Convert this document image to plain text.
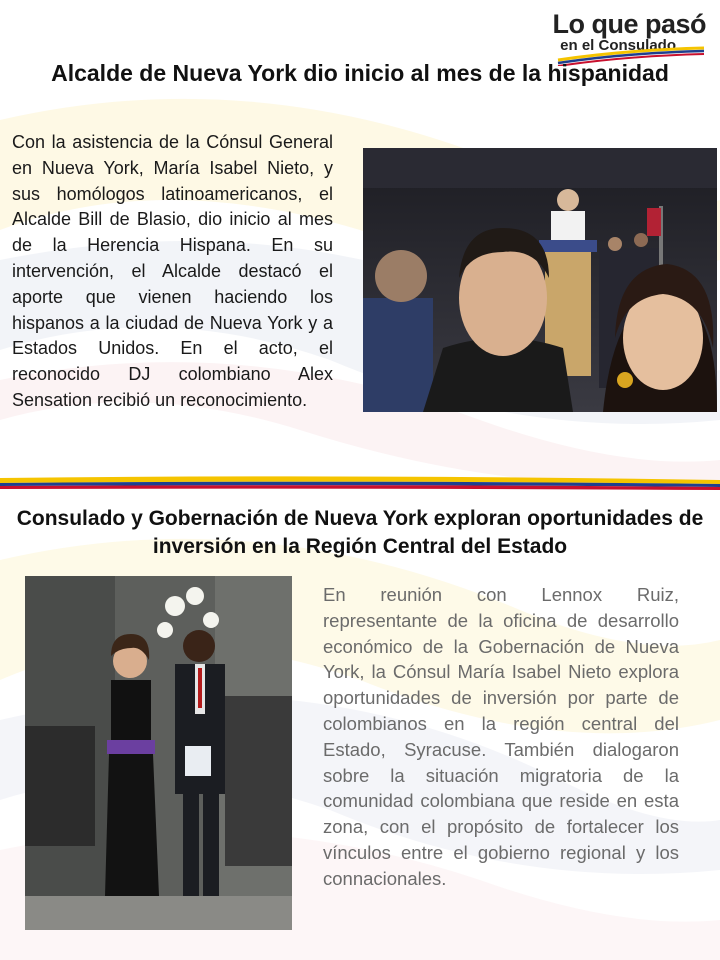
Lo que pasó
en el Consulado
Alcalde de Nueva York dio inicio al mes de la hispanidad

Con la asistencia de la Cónsul General en Nueva York, María Isabel Nieto, y sus homólogos latinoamericanos, el Alcalde Bill de Blasio, dio inicio al mes de la Herencia Hispana. En su intervención, el Alcalde destacó el aporte que vienen haciendo los hispanos a la ciudad de Nueva York y a Estados Unidos. En el acto, el reconocido DJ colombiano Alex Sensation recibió un reconocimiento.

Consulado y Gobernación de Nueva York exploran oportunidades de inversión en la Región Central del Estado

En reunión con Lennox Ruiz, representante de la oficina de desarrollo económico de la Gobernación de Nueva York, la Cónsul María Isabel Nieto explora oportunidades de inversión por parte de colombianos en la región central del Estado, Syracuse. También dialogaron sobre la situación migratoria de la comunidad colombiana que reside en esta zona, con el propósito de fortalecer los vínculos entre el gobierno regional y los connacionales.
